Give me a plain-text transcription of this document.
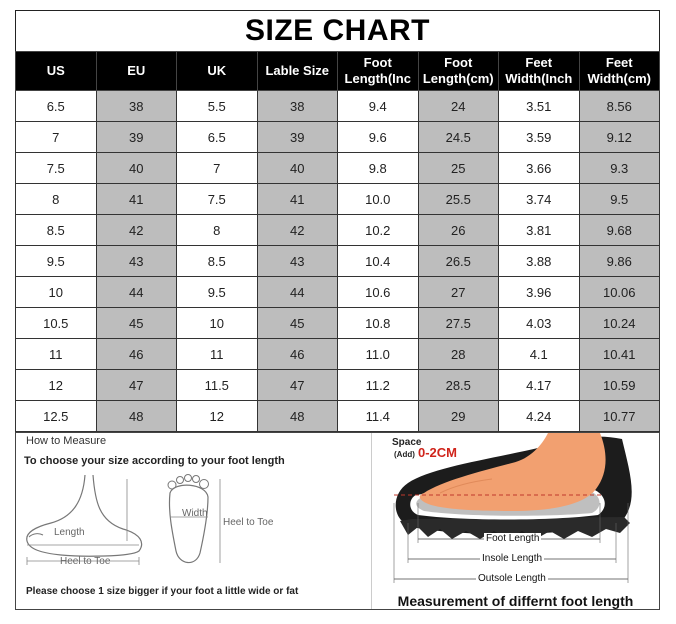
SIZE CHART
US	EU	UK	Lable Size	Foot Length(Inc	Foot Length(cm)	Feet Width(Inch	Feet Width(cm)
6.5	38	5.5	38	9.4	24	3.51	8.56
7	39	6.5	39	9.6	24.5	3.59	9.12
7.5	40	7	40	9.8	25	3.66	9.3
8	41	7.5	41	10.0	25.5	3.74	9.5
8.5	42	8	42	10.2	26	3.81	9.68
9.5	43	8.5	43	10.4	26.5	3.88	9.86
10	44	9.5	44	10.6	27	3.96	10.06
10.5	45	10	45	10.8	27.5	4.03	10.24
11	46	11	46	11.0	28	4.1	10.41
12	47	11.5	47	11.2	28.5	4.17	10.59
12.5	48	12	48	11.4	29	4.24	10.77
How to Measure
To choose your size according to your foot length
Length
Heel to Toe
Width
Heel to Toe
Please choose 1 size bigger if your foot a little wide or fat
Space
(Add) 0-2CM
Foot Length
Insole Length
Outsole Length
Measurement of differnt foot length
